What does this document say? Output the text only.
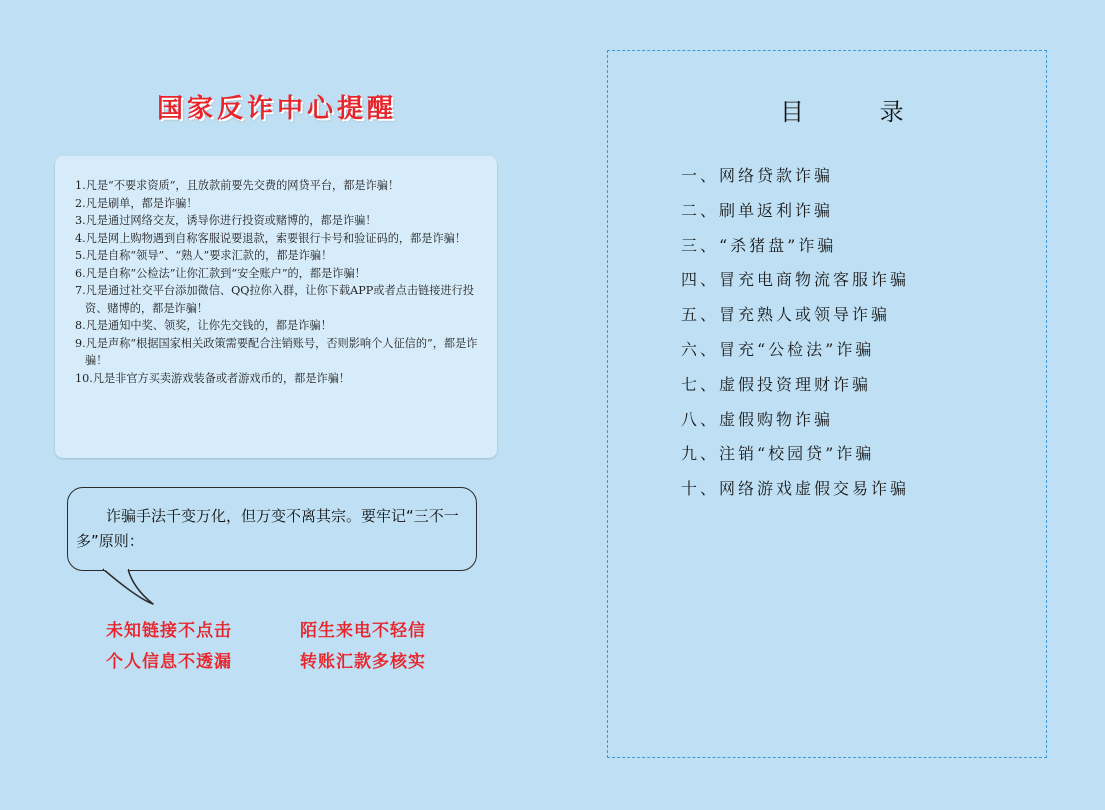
国家反诈中心提醒
1.凡是“不要求资质”，且放款前要先交费的网贷平台，都是诈骗！
2.凡是刷单，都是诈骗！
3.凡是通过网络交友，诱导你进行投资或赌博的，都是诈骗！
4.凡是网上购物遇到自称客服说要退款，索要银行卡号和验证码的，都是诈骗！
5.凡是自称“领导”、“熟人”要求汇款的，都是诈骗！
6.凡是自称“公检法”让你汇款到“安全账户”的，都是诈骗！
7.凡是通过社交平台添加微信、QQ拉你入群，让你下载APP或者点击链接进行投资、赌博的，都是诈骗！
8.凡是通知中奖、领奖，让你先交钱的，都是诈骗！
9.凡是声称“根据国家相关政策需要配合注销账号，否则影响个人征信的”，都是诈骗！
10.凡是非官方买卖游戏装备或者游戏币的，都是诈骗！
诈骗手法千变万化，但万变不离其宗。要牢记“三不一多”原则：
未知链接不点击	陌生来电不轻信
个人信息不透漏	转账汇款多核实
目 录
一、网络贷款诈骗
二、刷单返利诈骗
三、“杀猪盘”诈骗
四、冒充电商物流客服诈骗
五、冒充熟人或领导诈骗
六、冒充“公检法”诈骗
七、虚假投资理财诈骗
八、虚假购物诈骗
九、注销“校园贷”诈骗
十、网络游戏虚假交易诈骗
